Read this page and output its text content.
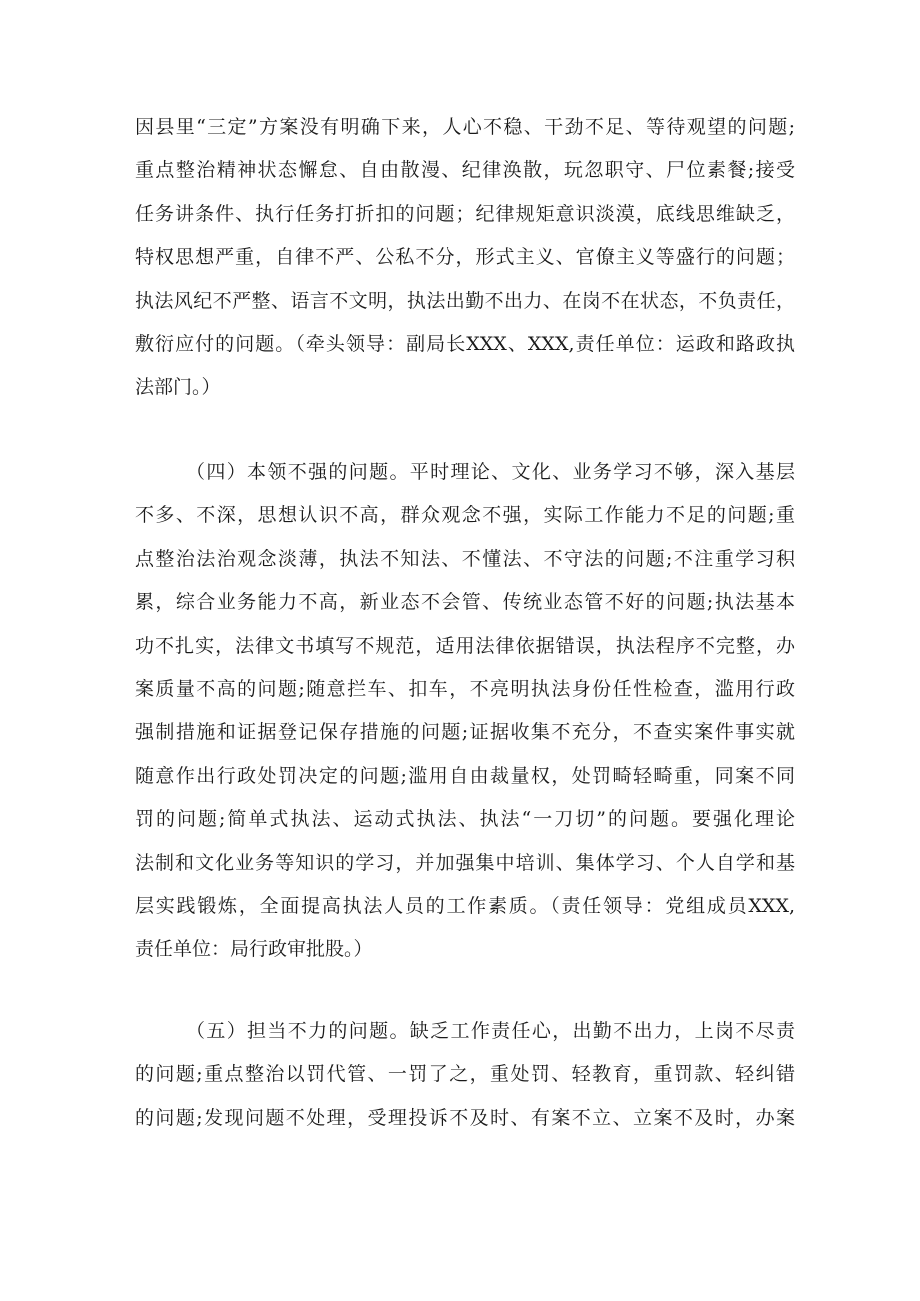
因县里“三定”方案没有明确下来，人心不稳、干劲不足、等待观望的问题;
重点整治精神状态懈怠、自由散漫、纪律涣散，玩忽职守、尸位素餐;接受
任务讲条件、执行任务打折扣的问题；纪律规矩意识淡漠，底线思维缺乏，
特权思想严重，自律不严、公私不分，形式主义、官僚主义等盛行的问题；
执法风纪不严整、语言不文明，执法出勤不出力、在岗不在状态，不负责任，
敷衍应付的问题。（牵头领导：副局长XXX、XXX,责任单位：运政和路政执
法部门。）
（四）本领不强的问题。平时理论、文化、业务学习不够，深入基层
不多、不深，思想认识不高，群众观念不强，实际工作能力不足的问题;重
点整治法治观念淡薄，执法不知法、不懂法、不守法的问题;不注重学习积
累，综合业务能力不高，新业态不会管、传统业态管不好的问题;执法基本
功不扎实，法律文书填写不规范，适用法律依据错误，执法程序不完整，办
案质量不高的问题;随意拦车、扣车，不亮明执法身份任性检查，滥用行政
强制措施和证据登记保存措施的问题;证据收集不充分，不查实案件事实就
随意作出行政处罚决定的问题;滥用自由裁量权，处罚畸轻畸重，同案不同
罚的问题;简单式执法、运动式执法、执法“一刀切”的问题。要强化理论
法制和文化业务等知识的学习，并加强集中培训、集体学习、个人自学和基
层实践锻炼，全面提高执法人员的工作素质。（责任领导：党组成员XXX,
责任单位：局行政审批股。）
（五）担当不力的问题。缺乏工作责任心，出勤不出力，上岗不尽责
的问题;重点整治以罚代管、一罚了之，重处罚、轻教育，重罚款、轻纠错
的问题;发现问题不处理，受理投诉不及时、有案不立、立案不及时，办案
